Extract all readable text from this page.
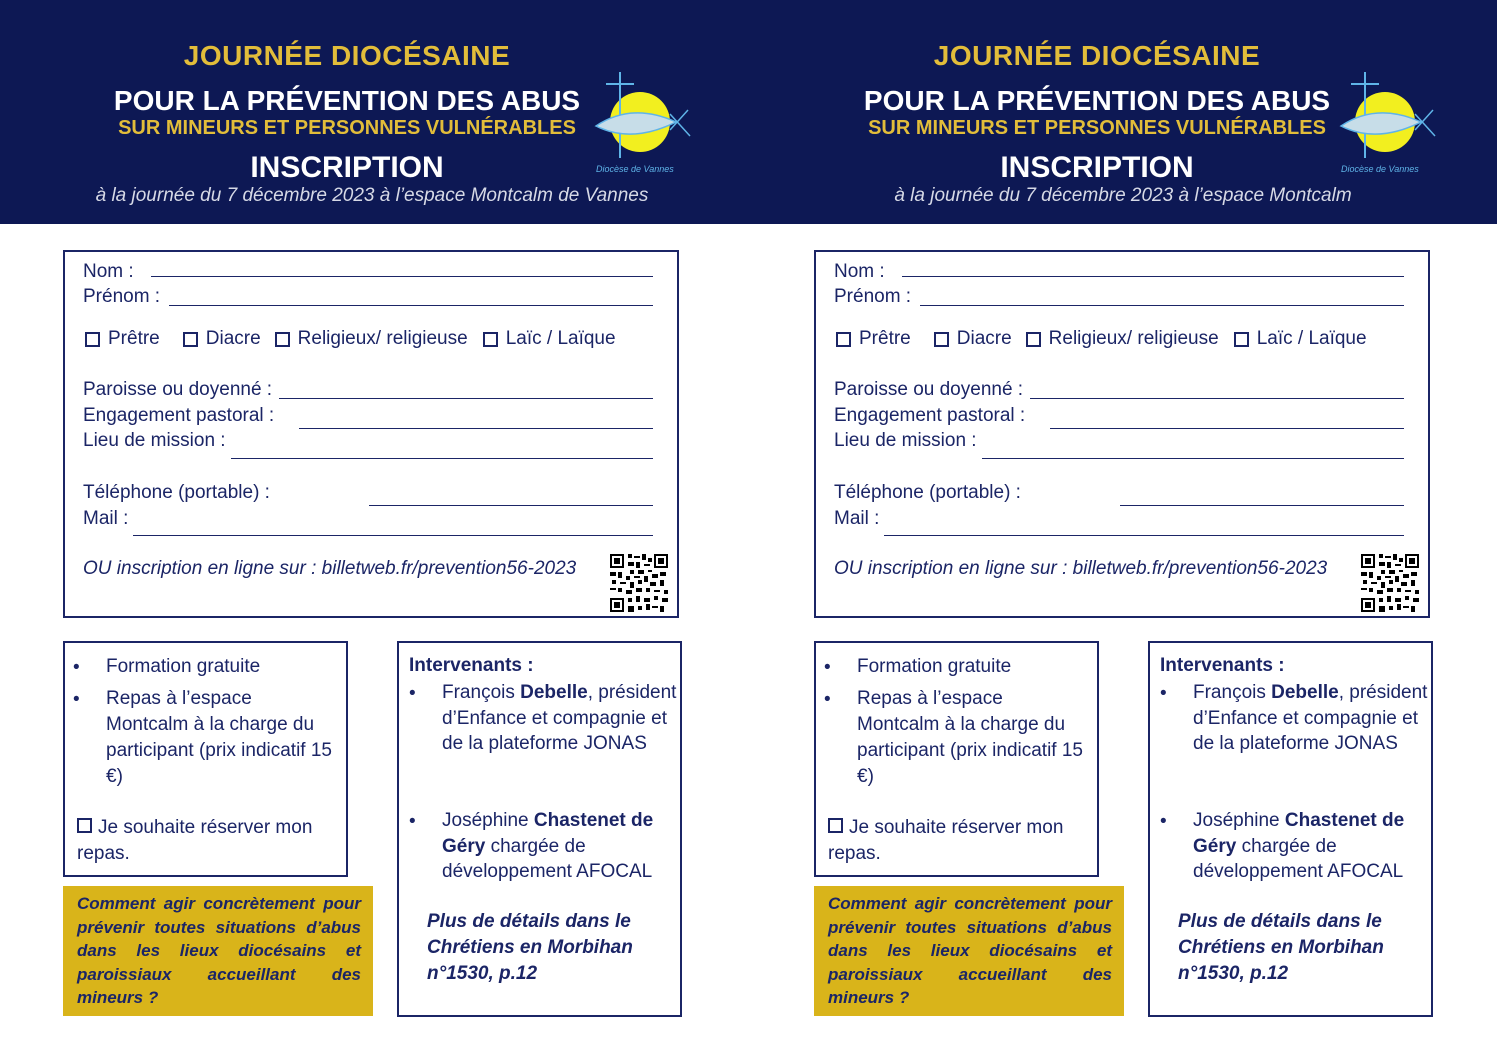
JOURNÉE DIOCÉSAINE
POUR LA PRÉVENTION DES ABUS
SUR MINEURS ET PERSONNES VULNÉRABLES
INSCRIPTION
à la journée du 7 décembre 2023 à l’espace Montcalm de Vannes
Diocèse de Vannes
Nom :
Prénom :
Prêtre Diacre Religieux/ religieuse Laïc / Laïque
Paroisse ou doyenné :
Engagement pastoral :
Lieu de mission :
Téléphone (portable) :
Mail :
OU inscription en ligne sur : billetweb.fr/prevention56-2023
• Formation gratuite
• Repas à l’espace Montcalm à la charge du participant (prix indicatif 15 €)
Je souhaite réserver mon repas.
Comment agir concrètement pour prévenir toutes situations d’abus dans les lieux diocésains et paroissiaux accueillant des mineurs ?
Intervenants :
• François Debelle, président d’Enfance et compagnie et de la plateforme JONAS
• Joséphine Chastenet de Géry chargée de développement AFOCAL
Plus de détails dans le Chrétiens en Morbihan n°1530, p.12
JOURNÉE DIOCÉSAINE
POUR LA PRÉVENTION DES ABUS
SUR MINEURS ET PERSONNES VULNÉRABLES
INSCRIPTION
à la journée du 7 décembre 2023 à l’espace Montcalm
Diocèse de Vannes
Nom :
Prénom :
Prêtre Diacre Religieux/ religieuse Laïc / Laïque
Paroisse ou doyenné :
Engagement pastoral :
Lieu de mission :
Téléphone (portable) :
Mail :
OU inscription en ligne sur : billetweb.fr/prevention56-2023
• Formation gratuite
• Repas à l’espace Montcalm à la charge du participant (prix indicatif 15 €)
Je souhaite réserver mon repas.
Comment agir concrètement pour prévenir toutes situations d’abus dans les lieux diocésains et paroissiaux accueillant des mineurs ?
Intervenants :
• François Debelle, président d’Enfance et compagnie et de la plateforme JONAS
• Joséphine Chastenet de Géry chargée de développement AFOCAL
Plus de détails dans le Chrétiens en Morbihan n°1530, p.12
